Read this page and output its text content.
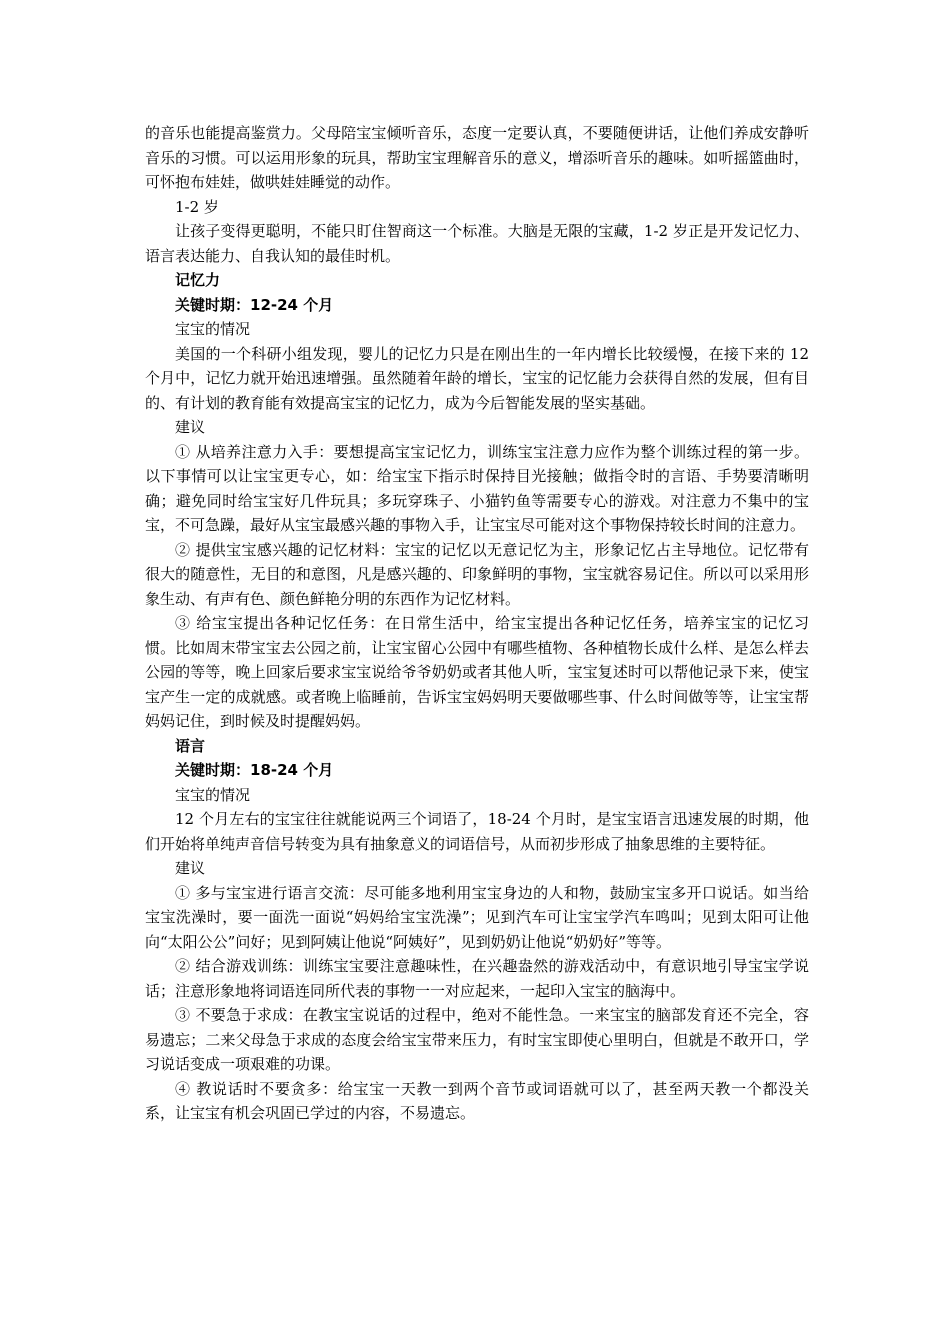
的音乐也能提高鉴赏力。父母陪宝宝倾听音乐，态度一定要认真，不要随便讲话，让他们养成安静听音乐的习惯。可以运用形象的玩具，帮助宝宝理解音乐的意义，增添听音乐的趣味。如听摇篮曲时，可怀抱布娃娃，做哄娃娃睡觉的动作。

1-2 岁

让孩子变得更聪明，不能只盯住智商这一个标准。大脑是无限的宝藏，1-2 岁正是开发记忆力、语言表达能力、自我认知的最佳时机。

记忆力

关键时期：12-24 个月

宝宝的情况

美国的一个科研小组发现，婴儿的记忆力只是在刚出生的一年内增长比较缓慢，在接下来的 12 个月中，记忆力就开始迅速增强。虽然随着年龄的增长，宝宝的记忆能力会获得自然的发展，但有目的、有计划的教育能有效提高宝宝的记忆力，成为今后智能发展的坚实基础。

建议

① 从培养注意力入手：要想提高宝宝记忆力，训练宝宝注意力应作为整个训练过程的第一步。以下事情可以让宝宝更专心，如：给宝宝下指示时保持目光接触；做指令时的言语、手势要清晰明确；避免同时给宝宝好几件玩具；多玩穿珠子、小猫钓鱼等需要专心的游戏。对注意力不集中的宝宝，不可急躁，最好从宝宝最感兴趣的事物入手，让宝宝尽可能对这个事物保持较长时间的注意力。

② 提供宝宝感兴趣的记忆材料：宝宝的记忆以无意记忆为主，形象记忆占主导地位。记忆带有很大的随意性，无目的和意图，凡是感兴趣的、印象鲜明的事物，宝宝就容易记住。所以可以采用形象生动、有声有色、颜色鲜艳分明的东西作为记忆材料。

③ 给宝宝提出各种记忆任务：在日常生活中，给宝宝提出各种记忆任务，培养宝宝的记忆习惯。比如周末带宝宝去公园之前，让宝宝留心公园中有哪些植物、各种植物长成什么样、是怎么样去公园的等等，晚上回家后要求宝宝说给爷爷奶奶或者其他人听，宝宝复述时可以帮他记录下来，使宝宝产生一定的成就感。或者晚上临睡前，告诉宝宝妈妈明天要做哪些事、什么时间做等等，让宝宝帮妈妈记住，到时候及时提醒妈妈。

语言

关键时期：18-24 个月

宝宝的情况

12 个月左右的宝宝往往就能说两三个词语了，18-24 个月时，是宝宝语言迅速发展的时期，他们开始将单纯声音信号转变为具有抽象意义的词语信号，从而初步形成了抽象思维的主要特征。

建议

① 多与宝宝进行语言交流：尽可能多地利用宝宝身边的人和物，鼓励宝宝多开口说话。如当给宝宝洗澡时，要一面洗一面说“妈妈给宝宝洗澡”；见到汽车可让宝宝学汽车鸣叫；见到太阳可让他向“太阳公公”问好；见到阿姨让他说“阿姨好”，见到奶奶让他说“奶奶好”等等。

② 结合游戏训练：训练宝宝要注意趣味性，在兴趣盎然的游戏活动中，有意识地引导宝宝学说话；注意形象地将词语连同所代表的事物一一对应起来，一起印入宝宝的脑海中。

③ 不要急于求成：在教宝宝说话的过程中，绝对不能性急。一来宝宝的脑部发育还不完全，容易遗忘；二来父母急于求成的态度会给宝宝带来压力，有时宝宝即使心里明白，但就是不敢开口，学习说话变成一项艰难的功课。

④ 教说话时不要贪多：给宝宝一天教一到两个音节或词语就可以了，甚至两天教一个都没关系，让宝宝有机会巩固已学过的内容，不易遗忘。
